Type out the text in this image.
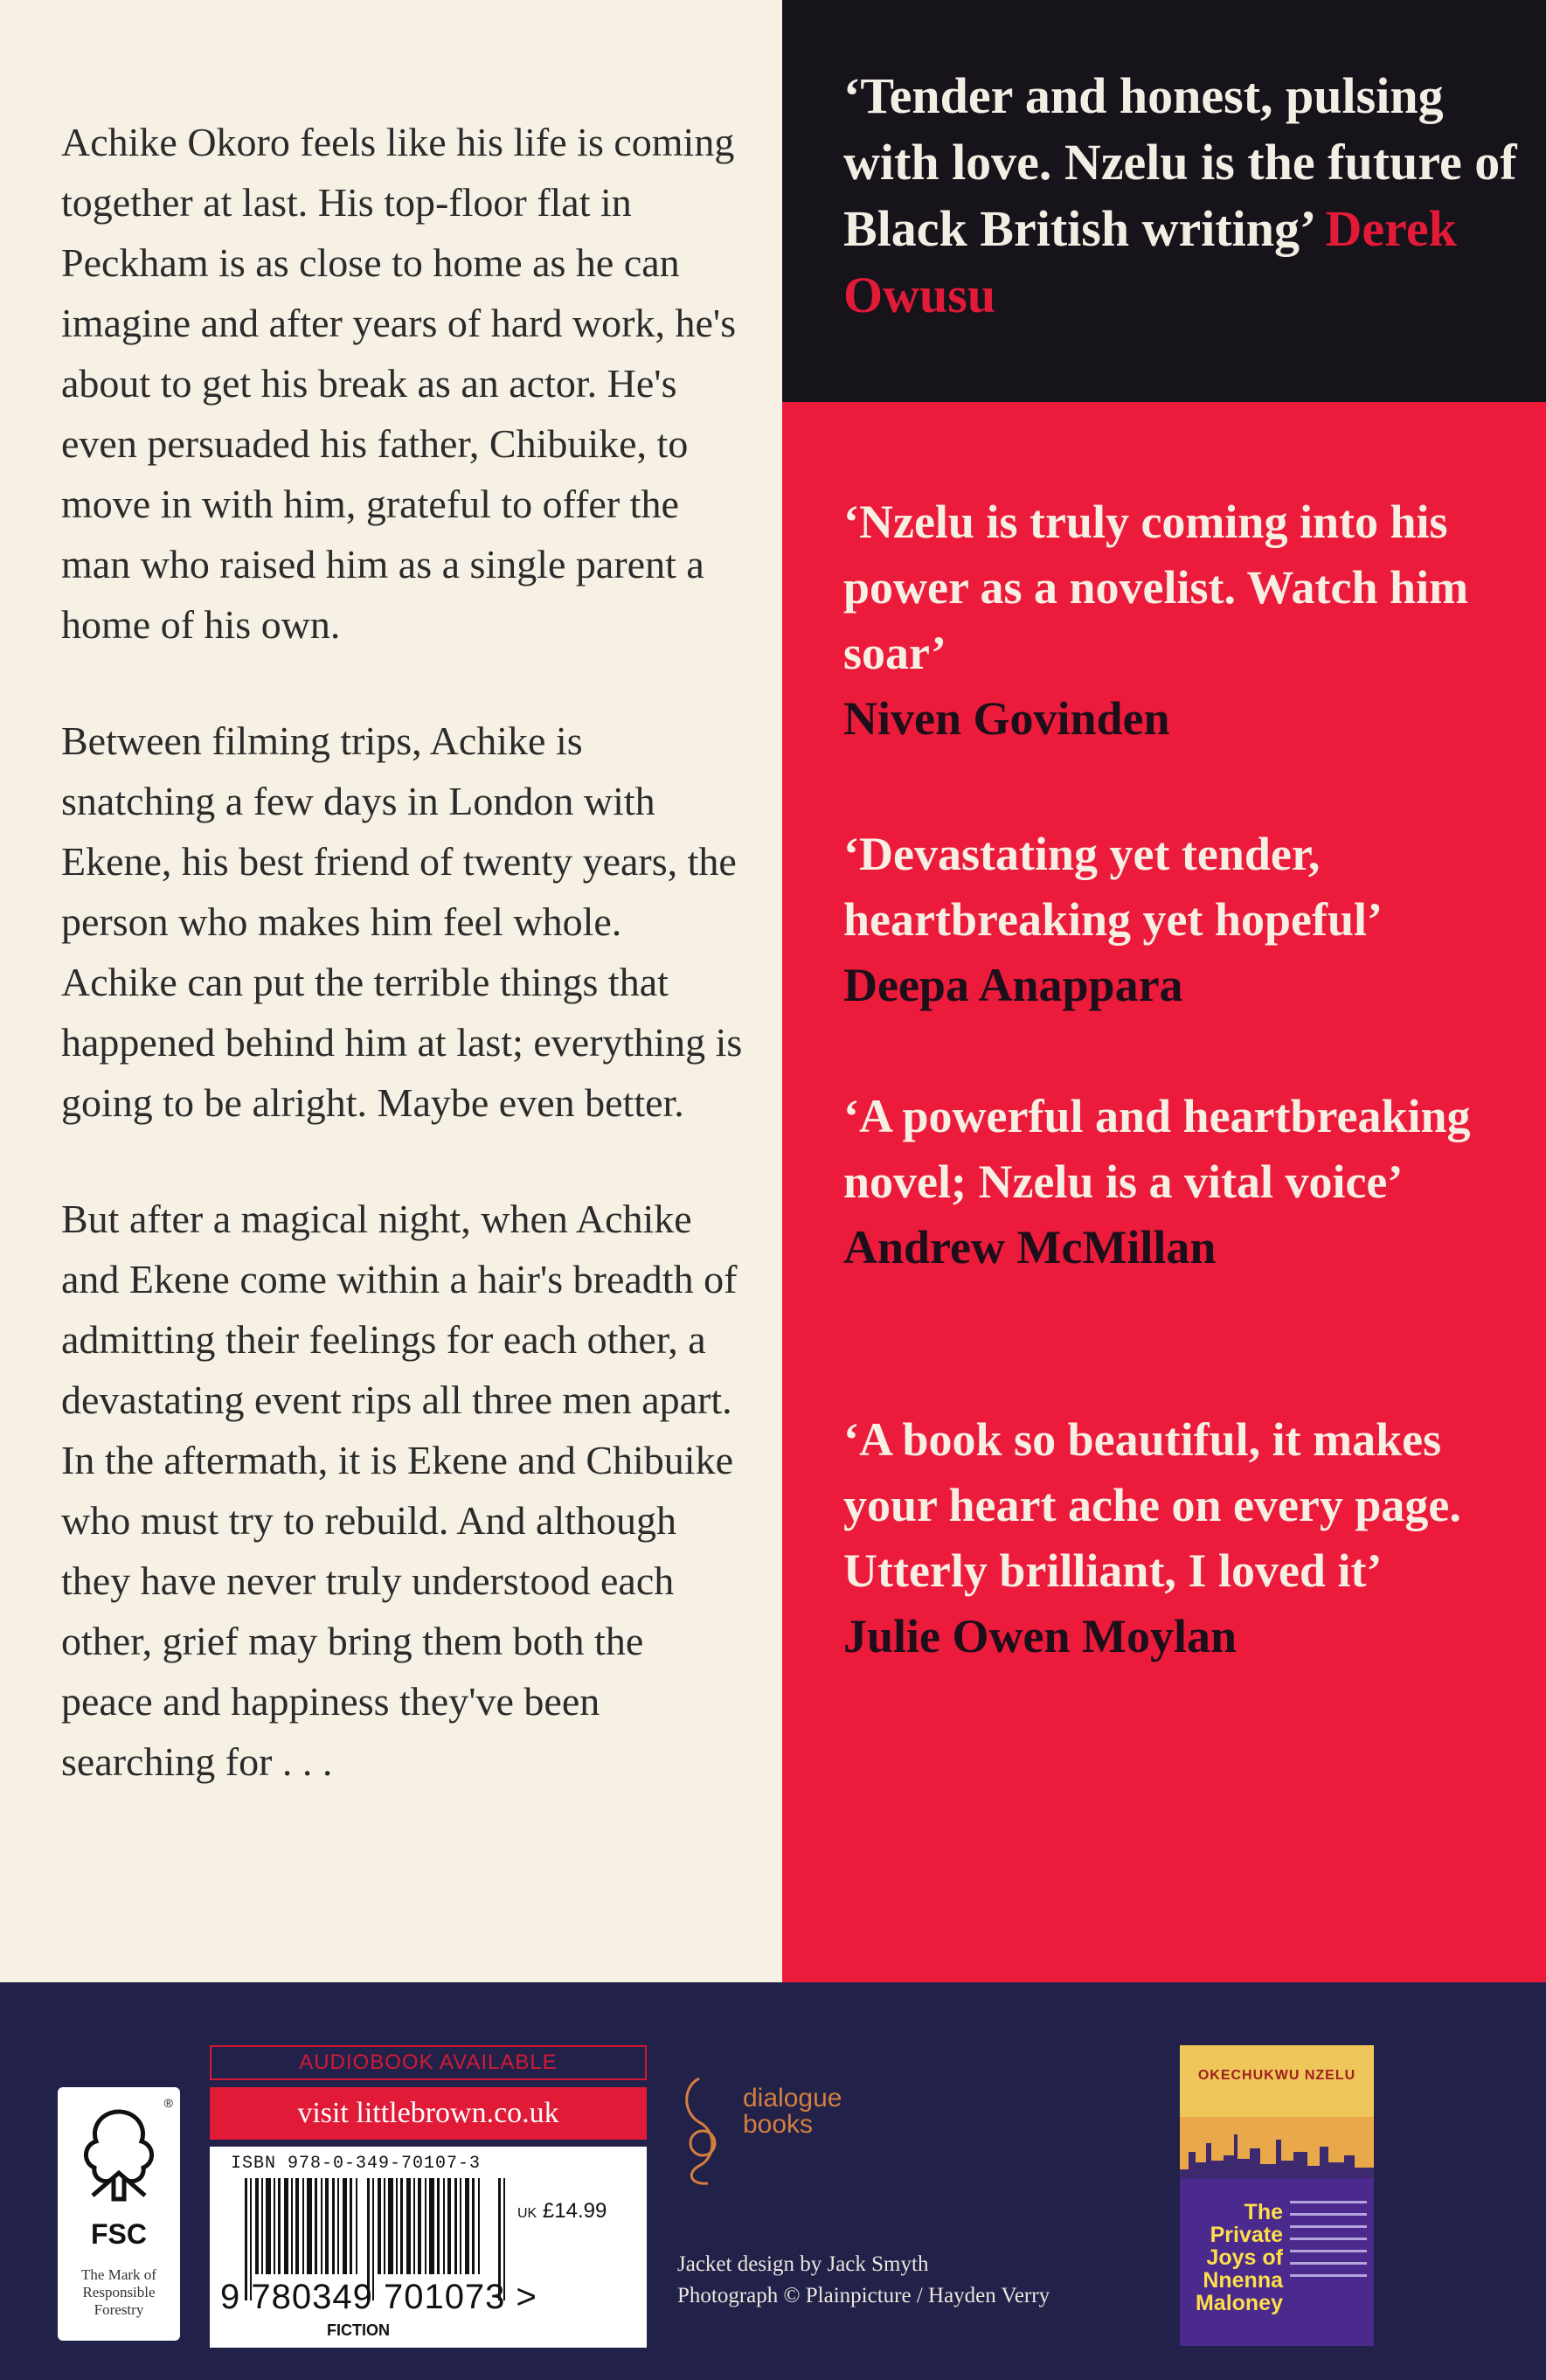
Achike Okoro feels like his life is coming together at last. His top-floor flat in Peckham is as close to home as he can imagine and after years of hard work, he's about to get his break as an actor. He's even persuaded his father, Chibuike, to move in with him, grateful to offer the man who raised him as a single parent a home of his own.

Between filming trips, Achike is snatching a few days in London with Ekene, his best friend of twenty years, the person who makes him feel whole. Achike can put the terrible things that happened behind him at last; everything is going to be alright. Maybe even better.

But after a magical night, when Achike and Ekene come within a hair's breadth of admitting their feelings for each other, a devastating event rips all three men apart. In the aftermath, it is Ekene and Chibuike who must try to rebuild. And although they have never truly understood each other, grief may bring them both the peace and happiness they've been searching for . . .

‘Tender and honest, pulsing with love. Nzelu is the future of Black British writing’ Derek Owusu
‘Nzelu is truly coming into his power as a novelist. Watch him soar’
Niven Govinden
‘Devastating yet tender, heartbreaking yet hopeful’
Deepa Anappara
‘A powerful and heartbreaking novel; Nzelu is a vital voice’
Andrew McMillan
‘A book so beautiful, it makes your heart ache on every page. Utterly brilliant, I loved it’
Julie Owen Moylan
®
FSC
The Mark of Responsible Forestry
AUDIOBOOK AVAILABLE
visit littlebrown.co.uk
ISBN 978-0-349-70107-3
UK £14.99
9 780349 701073 >
FICTION
dialogue books
Jacket design by Jack Smyth
Photograph © Plainpicture / Hayden Verry
OKECHUKWU NZELU
The Private Joys of Nnenna Maloney
